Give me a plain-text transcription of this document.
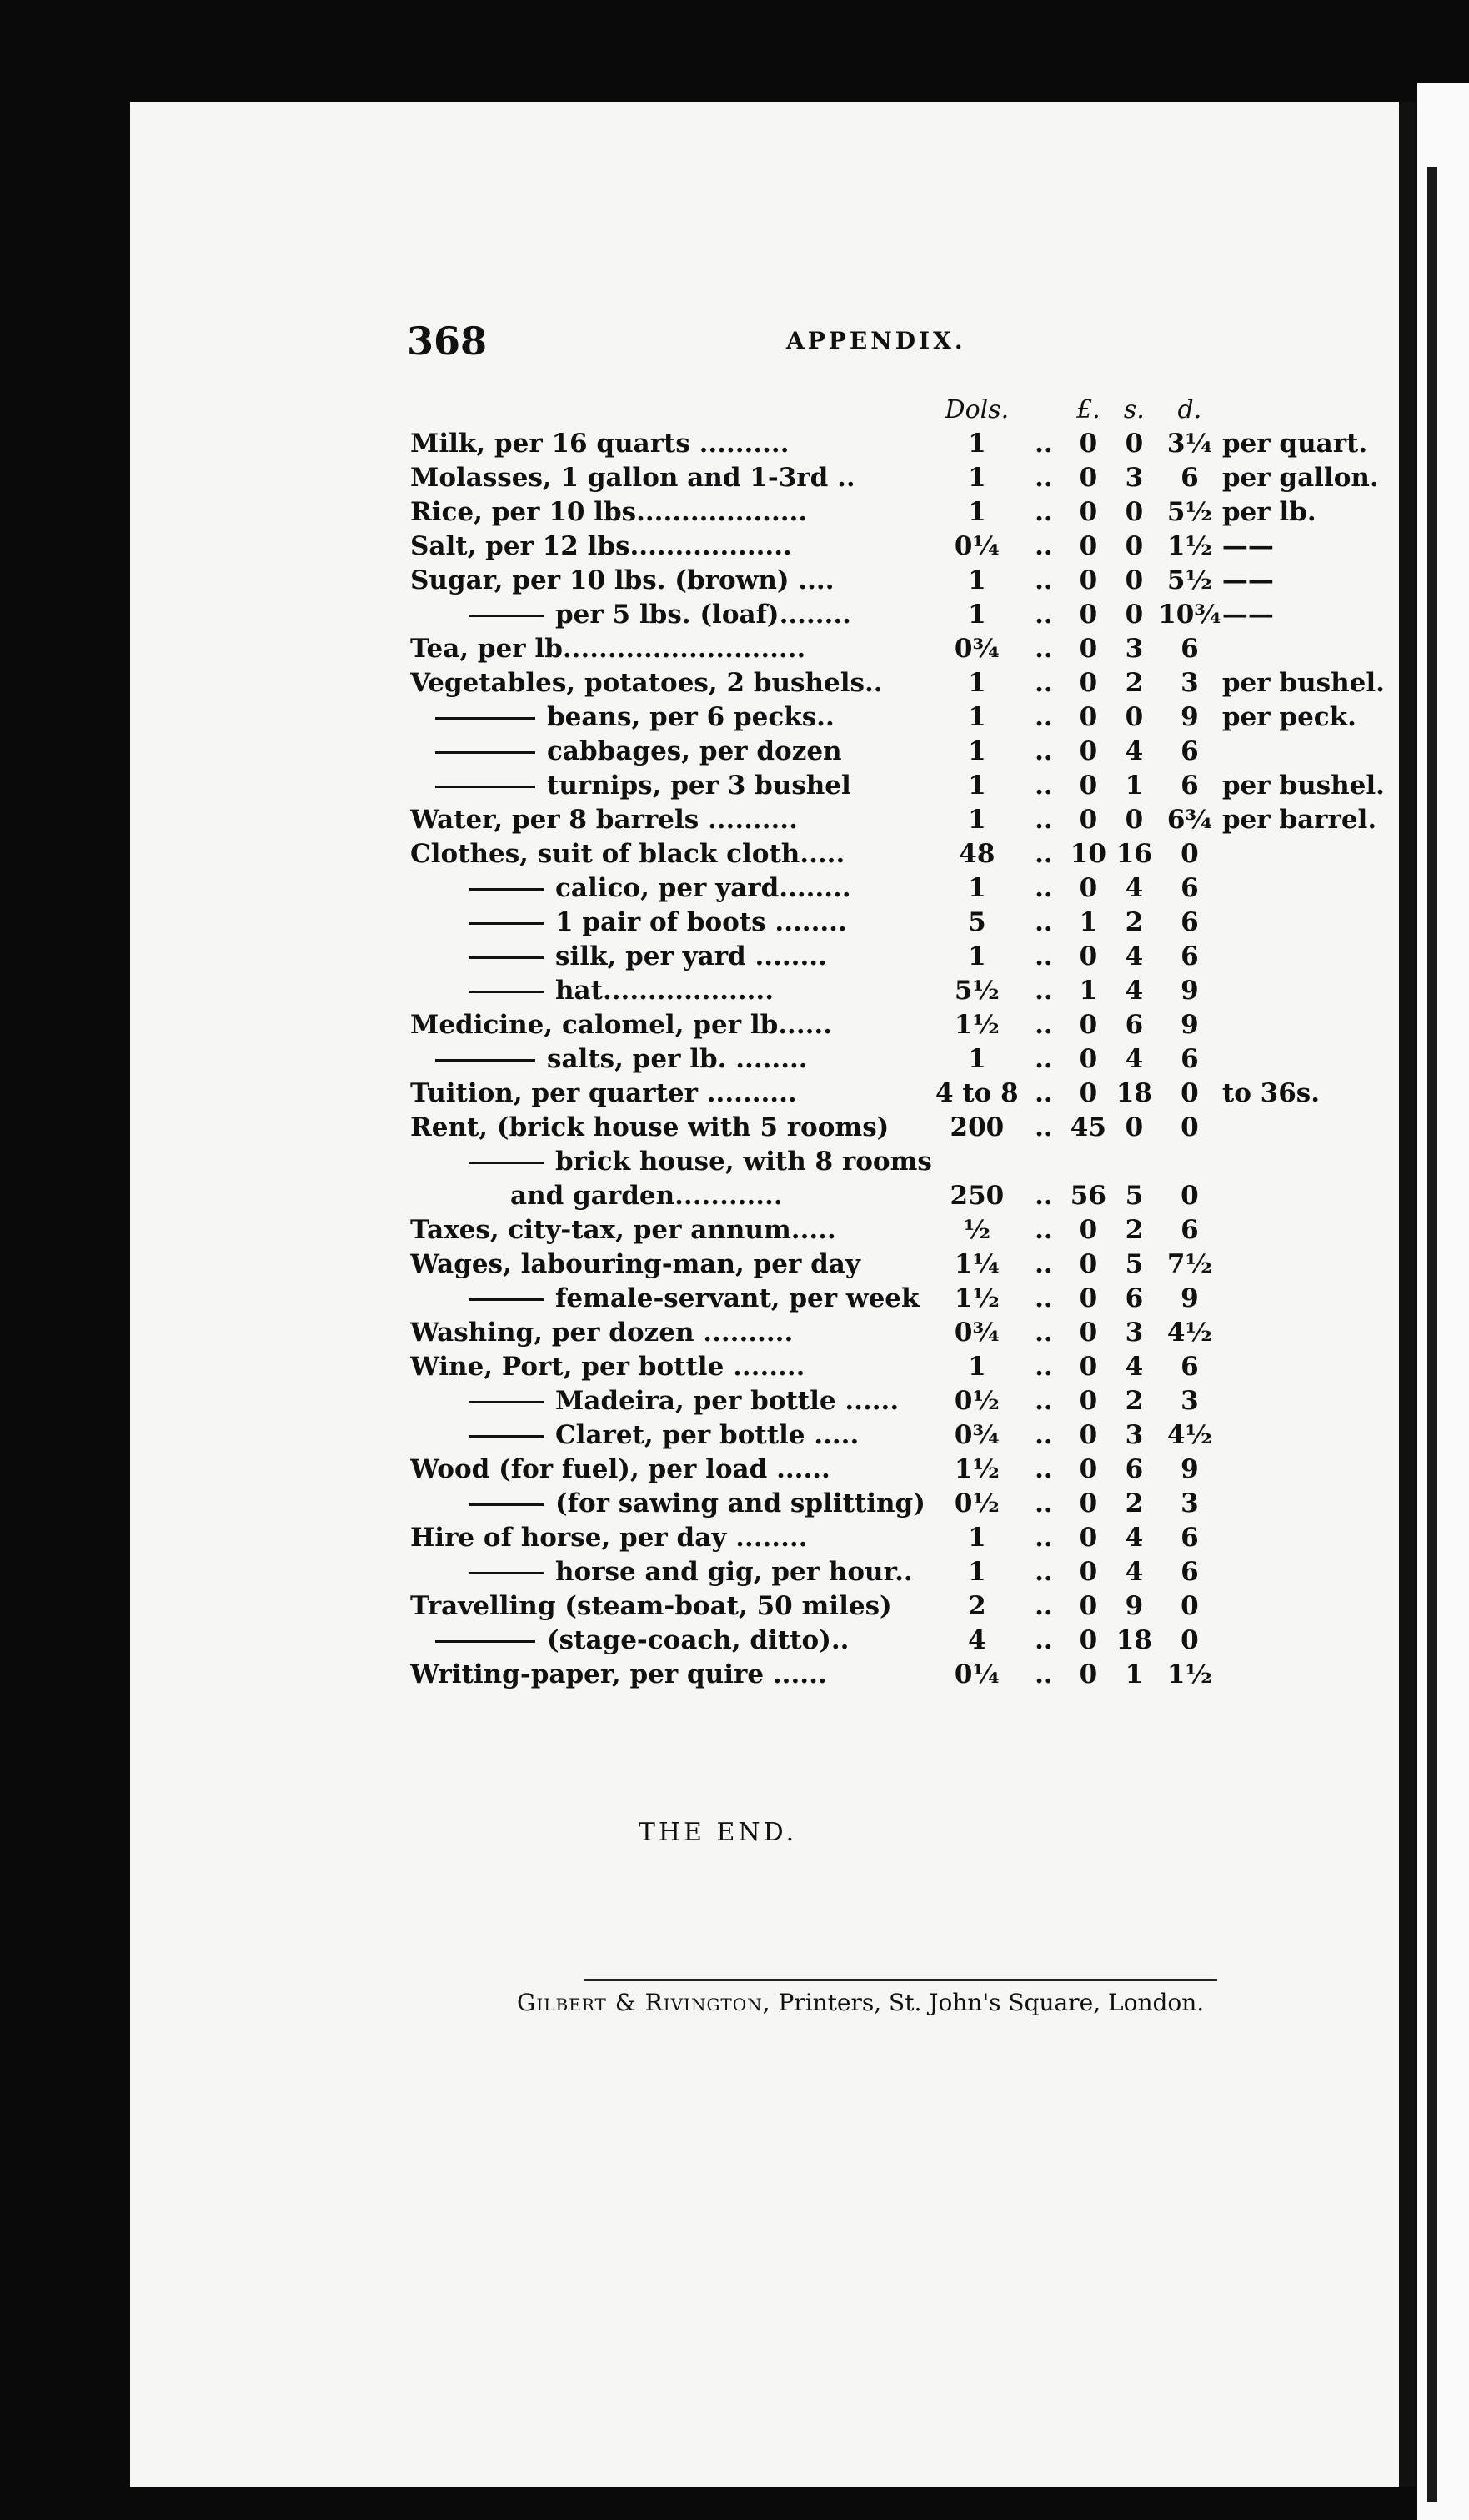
368	APPENDIX.
	Dols.		£.	s.	d.	
Milk, per 16 quarts ..........	1	..	0	0	3¼	per quart.
Molasses, 1 gallon and 1-3rd ..	1	..	0	3	6	per gallon.
Rice, per 10 lbs...................	1	..	0	0	5½	per lb.
Salt, per 12 lbs..................	0¼	..	0	0	1½	——
Sugar, per 10 lbs. (brown) ....	1	..	0	0	5½	——
per 5 lbs. (loaf)........	1	..	0	0	10¾	——
Tea, per lb...........................	0¾	..	0	3	6	
Vegetables, potatoes, 2 bushels..	1	..	0	2	3	per bushel.
beans, per 6 pecks..	1	..	0	0	9	per peck.
cabbages, per dozen	1	..	0	4	6	
turnips, per 3 bushel	1	..	0	1	6	per bushel.
Water, per 8 barrels ..........	1	..	0	0	6¾	per barrel.
Clothes, suit of black cloth.....	48	..	10	16	0	
calico, per yard........	1	..	0	4	6	
1 pair of boots ........	5	..	1	2	6	
silk, per yard ........	1	..	0	4	6	
hat...................	5½	..	1	4	9	
Medicine, calomel, per lb......	1½	..	0	6	9	
salts, per lb. ........	1	..	0	4	6	
Tuition, per quarter ..........	4 to 8	..	0	18	0	to 36s.
Rent, (brick house with 5 rooms)	200	..	45	0	0	
brick house, with 8 rooms						
and garden............	250	..	56	5	0	
Taxes, city-tax, per annum.....	½	..	0	2	6	
Wages, labouring-man, per day	1¼	..	0	5	7½	
female-servant, per week	1½	..	0	6	9	
Washing, per dozen ..........	0¾	..	0	3	4½	
Wine, Port, per bottle ........	1	..	0	4	6	
Madeira, per bottle ......	0½	..	0	2	3	
Claret, per bottle .....	0¾	..	0	3	4½	
Wood (for fuel), per load ......	1½	..	0	6	9	
(for sawing and splitting)	0½	..	0	2	3	
Hire of horse, per day ........	1	..	0	4	6	
horse and gig, per hour..	1	..	0	4	6	
Travelling (steam-boat, 50 miles)	2	..	0	9	0	
(stage-coach, ditto)..	4	..	0	18	0	
Writing-paper, per quire ......	0¼	..	0	1	1½	
THE END.
Gilbert & Rivington, Printers, St. John's Square, London.
